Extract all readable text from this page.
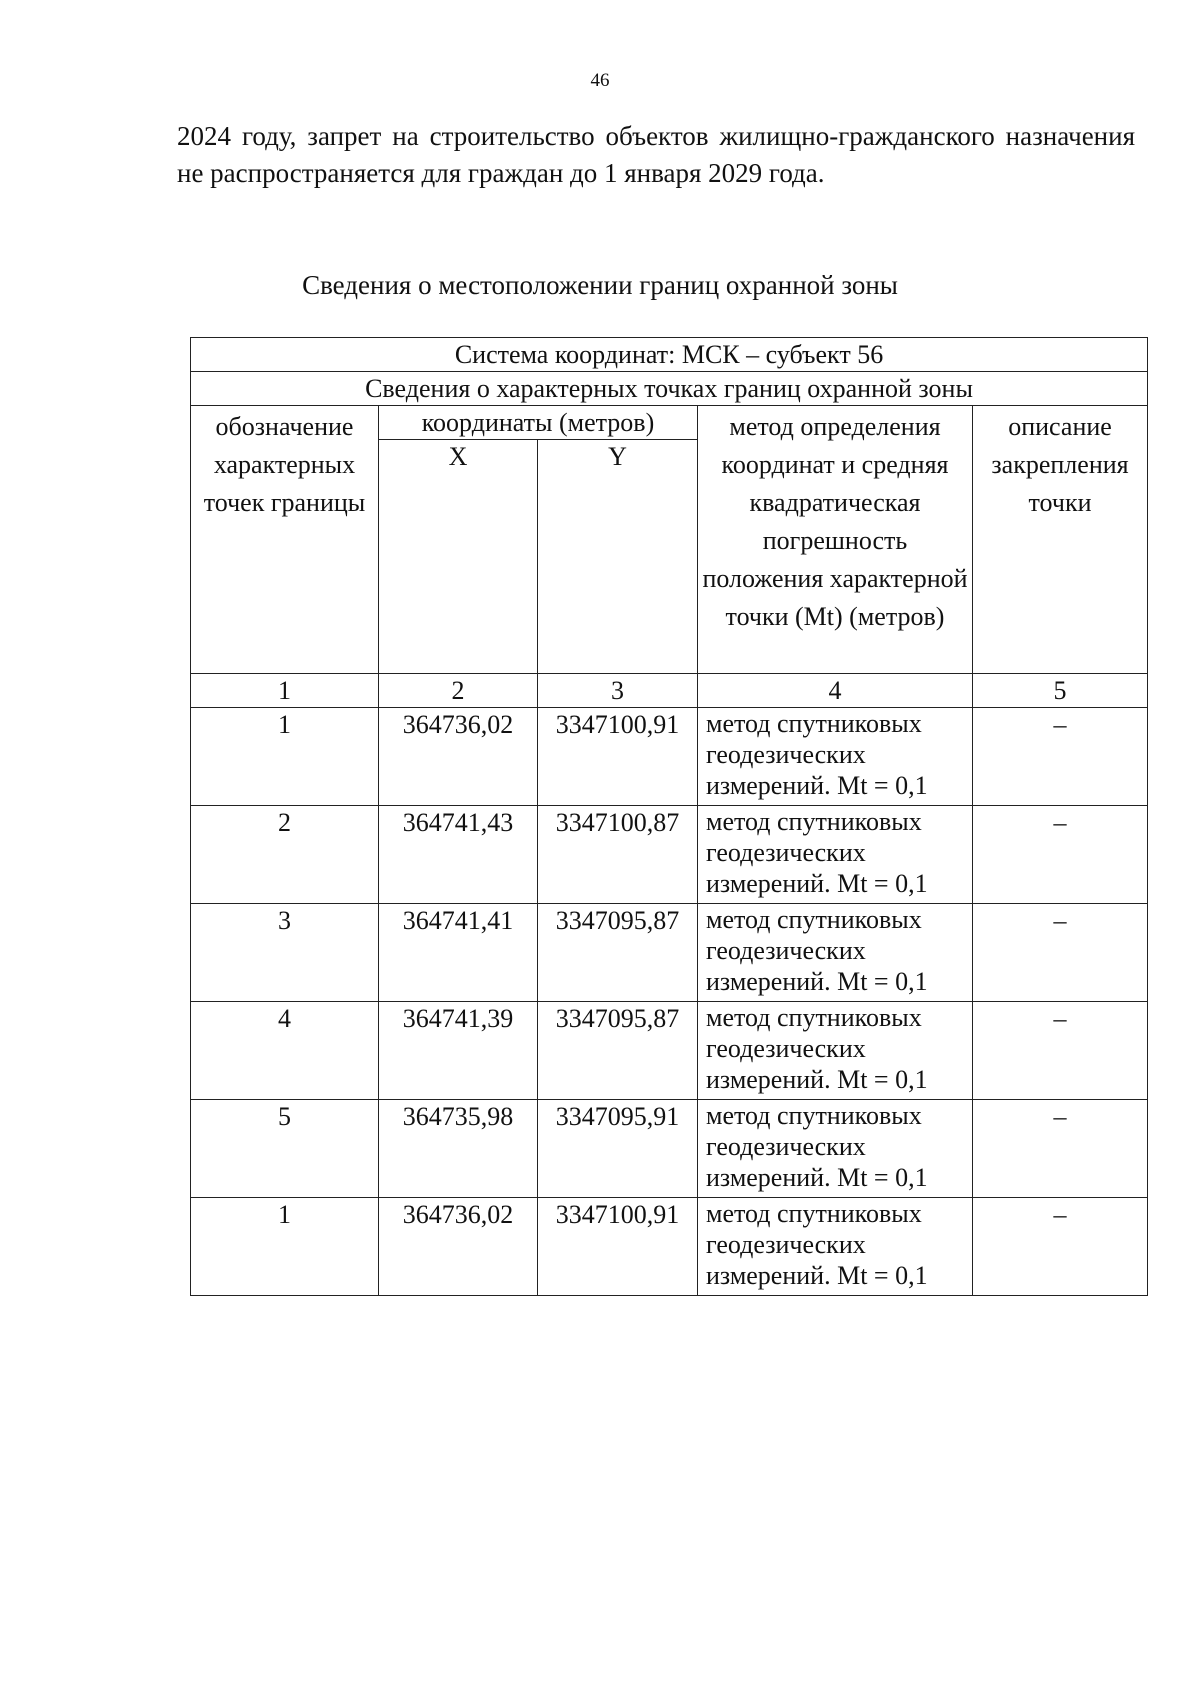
46

2024 году, запрет на строительство объектов жилищно-гражданского назначения не распространяется для граждан до 1 января 2029 года.

Сведения о местоположении границ охранной зоны
Система координат: МСК – субъект 56				
Сведения о характерных точках границ охранной зоны				
обозначение характерных точек границы	координаты (метров)		метод определения координат и средняя квадратическая погрешность положения характерной точки (Mt) (метров)	описание закрепления точки
	X	Y		
1	2	3	4	5
1	364736,02	3347100,91	метод спутниковых геодезических измерений. Mt = 0,1	–
2	364741,43	3347100,87	метод спутниковых геодезических измерений. Mt = 0,1	–
3	364741,41	3347095,87	метод спутниковых геодезических измерений. Mt = 0,1	–
4	364741,39	3347095,87	метод спутниковых геодезических измерений. Mt = 0,1	–
5	364735,98	3347095,91	метод спутниковых геодезических измерений. Mt = 0,1	–
1	364736,02	3347100,91	метод спутниковых геодезических измерений. Mt = 0,1	–
